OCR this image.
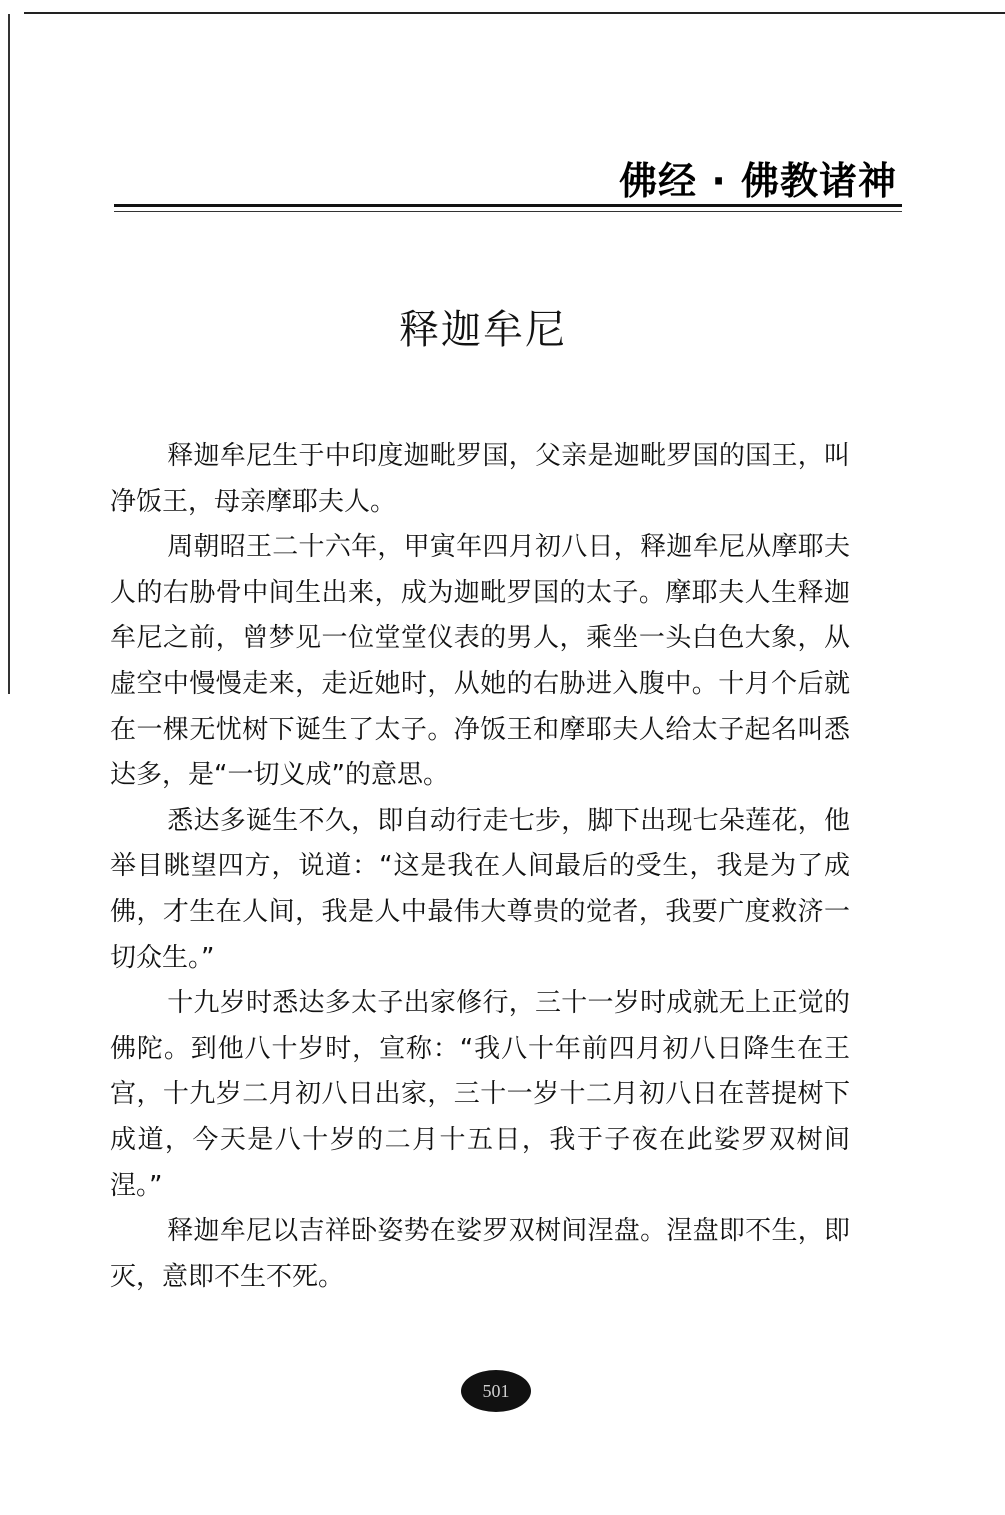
佛经 · 佛教诸神
释迦牟尼

释迦牟尼生于中印度迦毗罗国，父亲是迦毗罗国的国王，叫净饭王，母亲摩耶夫人。

周朝昭王二十六年，甲寅年四月初八日，释迦牟尼从摩耶夫人的右胁骨中间生出来，成为迦毗罗国的太子。摩耶夫人生释迦牟尼之前，曾梦见一位堂堂仪表的男人，乘坐一头白色大象，从虚空中慢慢走来，走近她时，从她的右胁进入腹中。十月个后就在一棵无忧树下诞生了太子。净饭王和摩耶夫人给太子起名叫悉达多，是“一切义成”的意思。

悉达多诞生不久，即自动行走七步，脚下出现七朵莲花，他举目眺望四方，说道：“这是我在人间最后的受生，我是为了成佛，才生在人间，我是人中最伟大尊贵的觉者，我要广度救济一切众生。”

十九岁时悉达多太子出家修行，三十一岁时成就无上正觉的佛陀。到他八十岁时，宣称：“我八十年前四月初八日降生在王宫，十九岁二月初八日出家，三十一岁十二月初八日在菩提树下成道，今天是八十岁的二月十五日，我于子夜在此娑罗双树间涅。”

释迦牟尼以吉祥卧姿势在娑罗双树间涅盘。涅盘即不生，即灭，意即不生不死。

501
